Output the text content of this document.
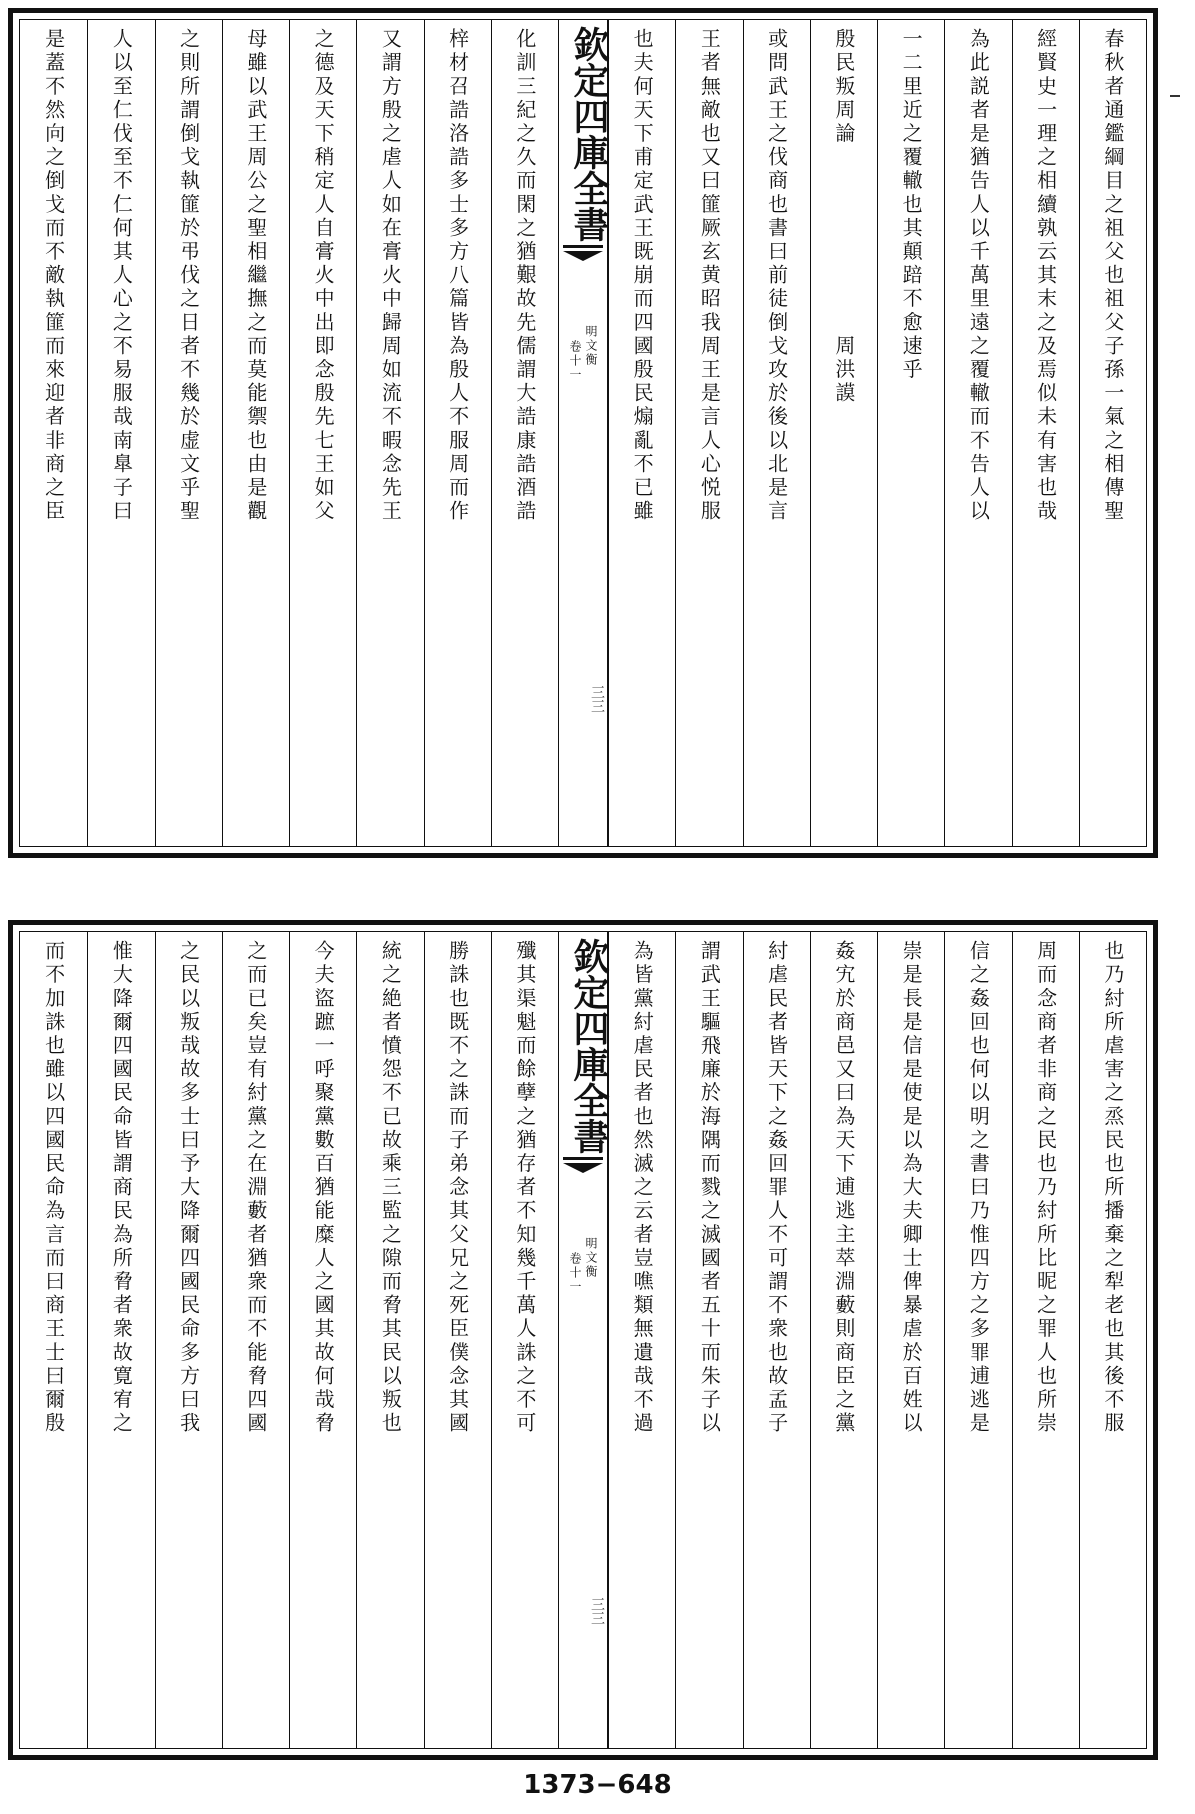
春秋者通鑑綱目之祖父也祖父子孫一氣之相傳聖
經賢史一理之相續孰云其末之及焉似未有害也哉
為此説者是猶告人以千萬里遠之覆轍而不告人以
一二里近之覆轍也其顛踣不愈速乎
殷民叛周論　　　　　　　　周洪謨
或問武王之伐商也書曰前徒倒戈攻於後以北是言
王者無敵也又曰篚厥玄黄昭我周王是言人心悦服
也夫何天下甫定武王既崩而四國殷民煽亂不已雖
化訓三紀之久而閑之猶艱故先儒謂大誥康誥酒誥
梓材召誥洛誥多士多方八篇皆為殷人不服周而作
又謂方殷之虐人如在膏火中歸周如流不暇念先王
之德及天下稍定人自膏火中出即念殷先七王如父
母雖以武王周公之聖相繼撫之而莫能禦也由是觀
之則所謂倒戈執篚於弔伐之日者不幾於虚文乎聖
人以至仁伐至不仁何其人心之不易服哉南臯子曰
是蓋不然向之倒戈而不敵執篚而來迎者非商之臣	欽定四庫全書
明文衡
卷十一
三三
也乃紂所虐害之烝民也所播棄之犁老也其後不服
周而念商者非商之民也乃紂所比昵之罪人也所崇
信之姦回也何以明之書曰乃惟四方之多罪逋逃是
崇是長是信是使是以為大夫卿士俾暴虐於百姓以
姦宄於商邑又曰為天下逋逃主萃淵藪則商臣之黨
紂虐民者皆天下之姦回罪人不可謂不衆也故孟子
謂武王驅飛廉於海隅而戮之滅國者五十而朱子以
為皆黨紂虐民者也然滅之云者豈噍類無遺哉不過
殲其渠魁而餘孽之猶存者不知幾千萬人誅之不可
勝誅也既不之誅而子弟念其父兄之死臣僕念其國
統之絶者憤怨不已故乘三監之隙而脅其民以叛也
今夫盜蹠一呼聚黨數百猶能糜人之國其故何哉脅
之而已矣豈有紂黨之在淵藪者猶衆而不能脅四國
之民以叛哉故多士曰予大降爾四國民命多方曰我
惟大降爾四國民命皆謂商民為所脅者衆故寛宥之
而不加誅也雖以四國民命為言而曰商王士曰爾殷	欽定四庫全書
明文衡
卷十一
三三
1373−648
